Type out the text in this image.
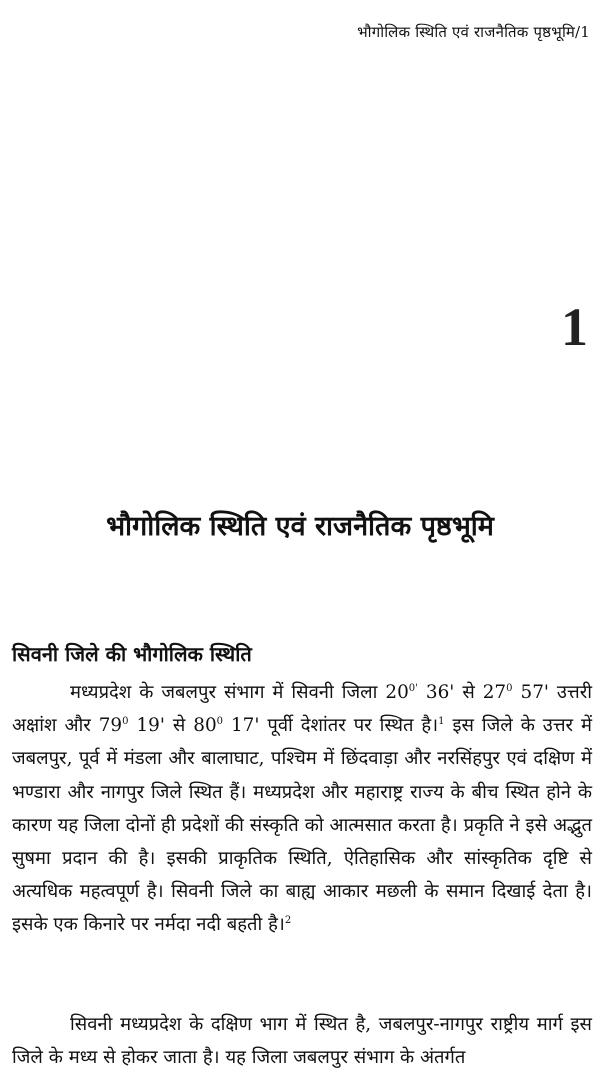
भौगोलिक स्थिति एवं राजनैतिक पृष्ठभूमि/1
1
भौगोलिक स्थिति एवं राजनैतिक पृष्ठभूमि
सिवनी जिले की भौगोलिक स्थिति

मध्यप्रदेश के जबलपुर संभाग में सिवनी जिला $20^{0'}$ 36' से $27^0$ 57' उत्तरी अक्षांश और $79^0$ 19' से $80^0$ 17' पूर्वी देशांतर पर स्थित है।$^1$ इस जिले के उत्तर में जबलपुर, पूर्व में मंडला और बालाघाट, पश्चिम में छिंदवाड़ा और नरसिंहपुर एवं दक्षिण में भण्डारा और नागपुर जिले स्थित हैं। मध्यप्रदेश और महाराष्ट्र राज्य के बीच स्थित होने के कारण यह जिला दोनों ही प्रदेशों की संस्कृति को आत्मसात करता है। प्रकृति ने इसे अद्भुत सुषमा प्रदान की है। इसकी प्राकृतिक स्थिति, ऐतिहासिक और सांस्कृतिक दृष्टि से अत्यधिक महत्वपूर्ण है। सिवनी जिले का बाह्य आकार मछली के समान दिखाई देता है। इसके एक किनारे पर नर्मदा नदी बहती है।$^2$

सिवनी मध्यप्रदेश के दक्षिण भाग में स्थित है, जबलपुर-नागपुर राष्ट्रीय मार्ग इस जिले के मध्य से होकर जाता है। यह जिला जबलपुर संभाग के अंतर्गत
